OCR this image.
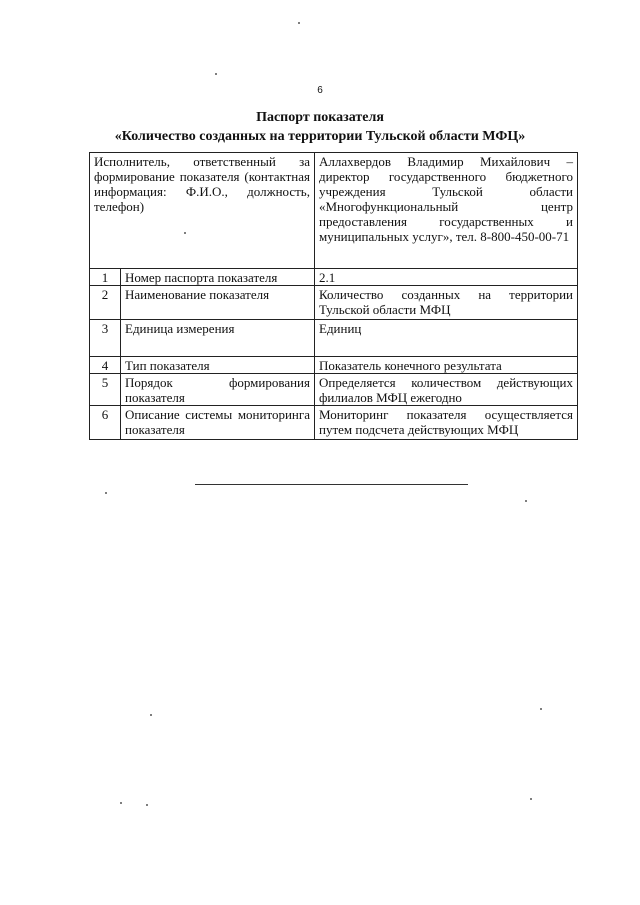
6
Паспорт показателя
«Количество созданных на территории Тульской области МФЦ»
Исполнитель, ответственный за формирование показателя (контактная информация: Ф.И.О., должность, телефон)		Аллахвердов Владимир Михайлович – директор государственного бюджетного учреждения Тульской области «Многофункциональный центр предоставления государственных и муниципальных услуг», тел. 8-800-450-00-71
1	Номер паспорта показателя	2.1
2	Наименование показателя	Количество созданных на территории Тульской области МФЦ
3	Единица измерения	Единиц
4	Тип показателя	Показатель конечного результата
5	Порядок формирования показателя	Определяется количеством действующих филиалов МФЦ ежегодно
6	Описание системы мониторинга показателя	Мониторинг показателя осуществляется путем подсчета действующих МФЦ
